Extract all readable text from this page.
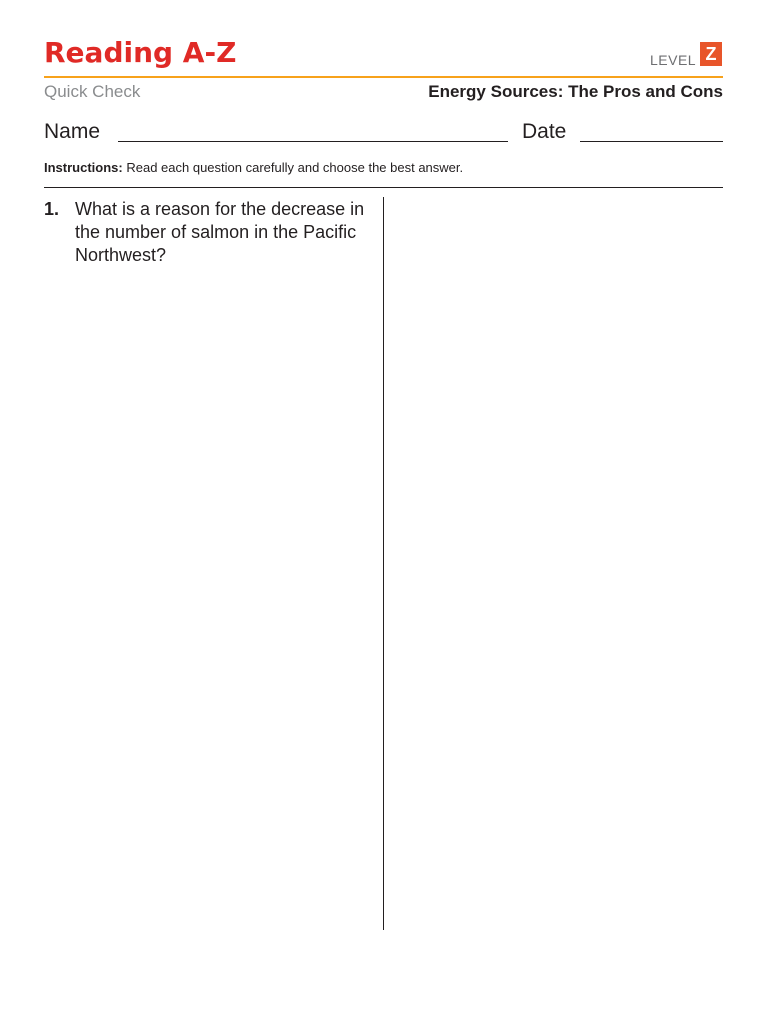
Reading A-Z	LEVEL Z
Quick Check	Energy Sources: The Pros and Cons
Name	Date
Instructions: Read each question carefully and choose the best answer.
1. What is a reason for the decrease in the number of salmon in the Pacific Northwest?
